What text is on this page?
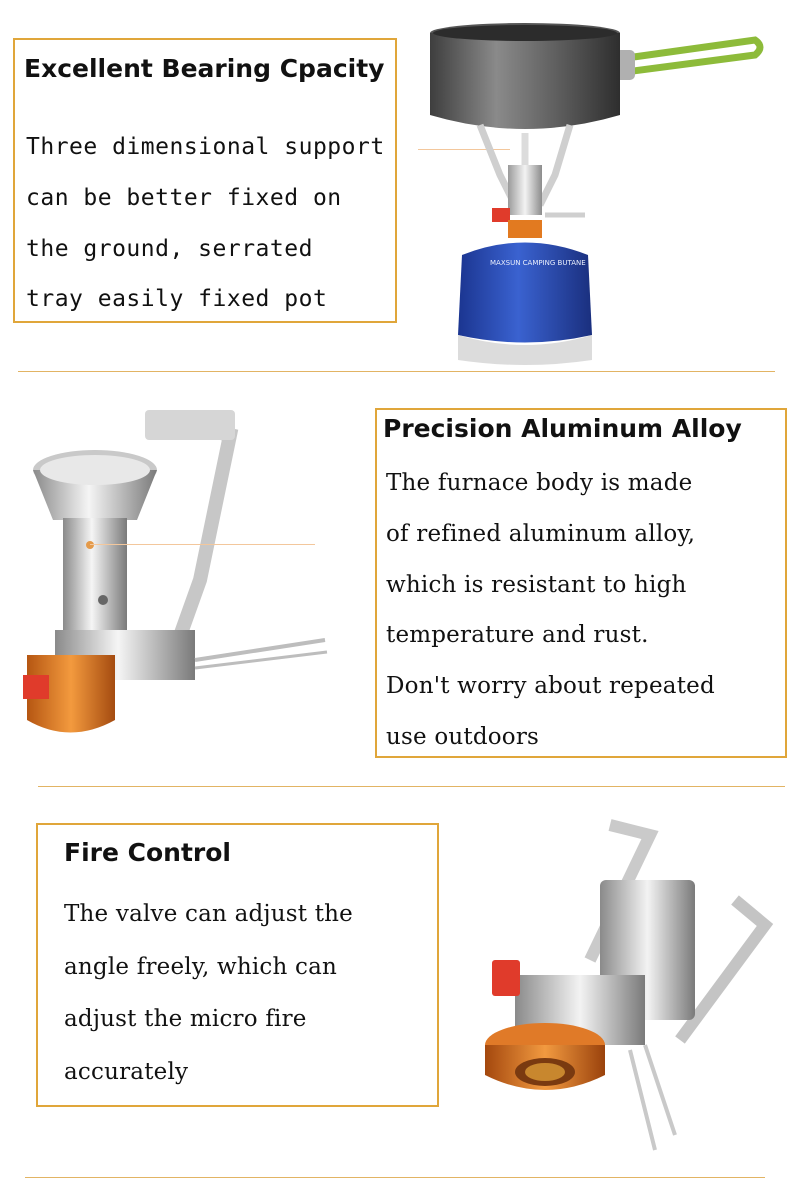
Excellent Bearing Cpacity
Three dimensional support
can be better fixed on
the ground, serrated
tray easily fixed pot
MAXSUN CAMPING BUTANE
Precision Aluminum Alloy
The furnace body is made
of refined aluminum alloy,
which is resistant to high
temperature and rust.
Don't worry about repeated
use outdoors
Fire Control
The valve can adjust the
angle freely, which can
adjust the micro fire
accurately
